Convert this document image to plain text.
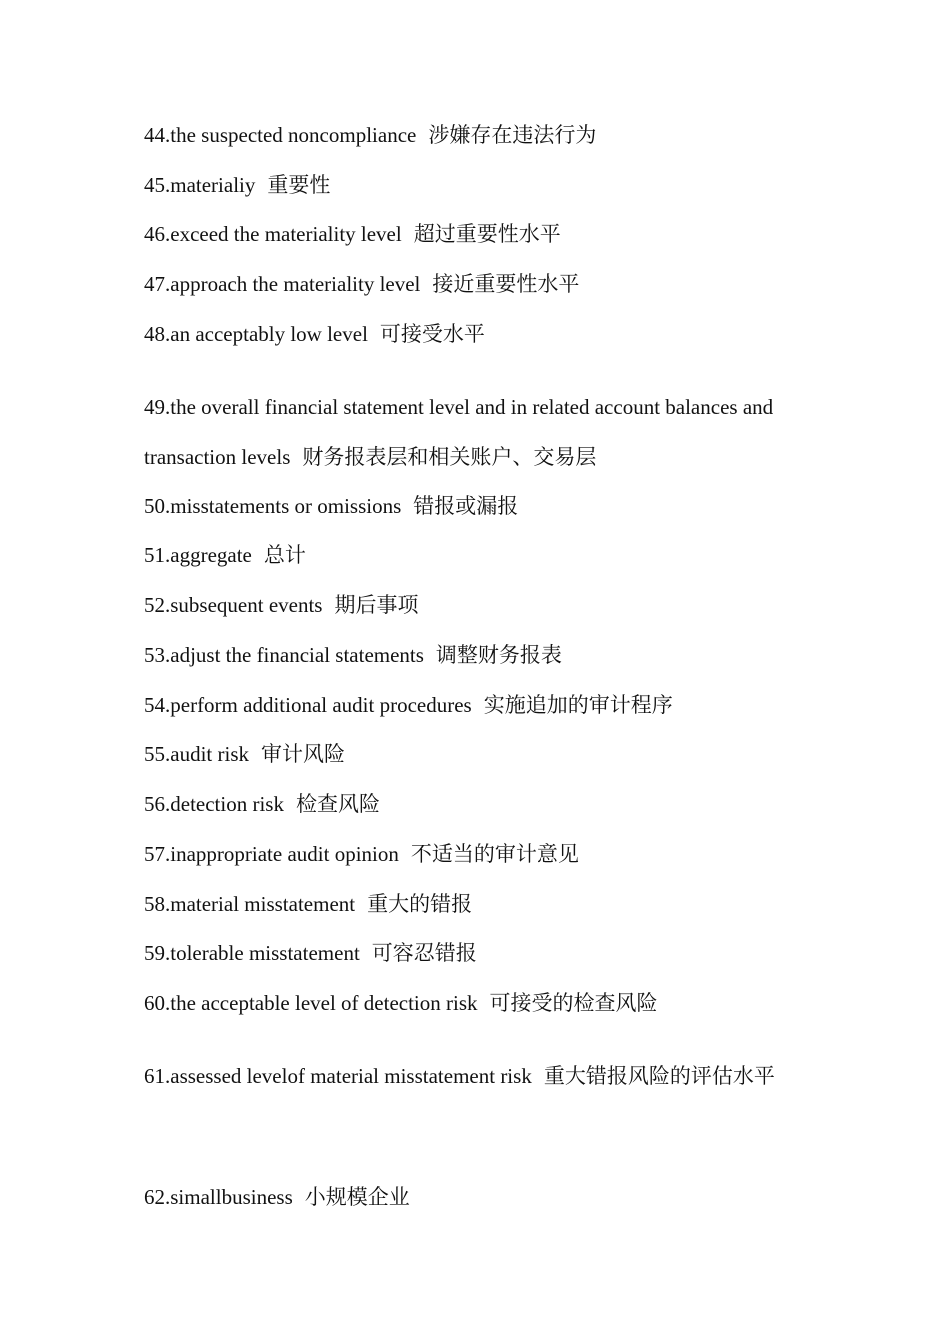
44.the suspected noncompliance 涉嫌存在违法行为
45.materialiy 重要性
46.exceed the materiality level 超过重要性水平
47.approach the materiality level 接近重要性水平
48.an acceptably low level 可接受水平
49.the overall financial statement level and in related account balances and transaction levels 财务报表层和相关账户、交易层
50.misstatements or omissions 错报或漏报
51.aggregate 总计
52.subsequent events 期后事项
53.adjust the financial statements 调整财务报表
54.perform additional audit procedures 实施追加的审计程序
55.audit risk 审计风险
56.detection risk 检查风险
57.inappropriate audit opinion 不适当的审计意见
58.material misstatement 重大的错报
59.tolerable misstatement 可容忍错报
60.the acceptable level of detection risk 可接受的检查风险
61.assessed levelof material misstatement risk 重大错报风险的评估水平
62.simallbusiness 小规模企业
